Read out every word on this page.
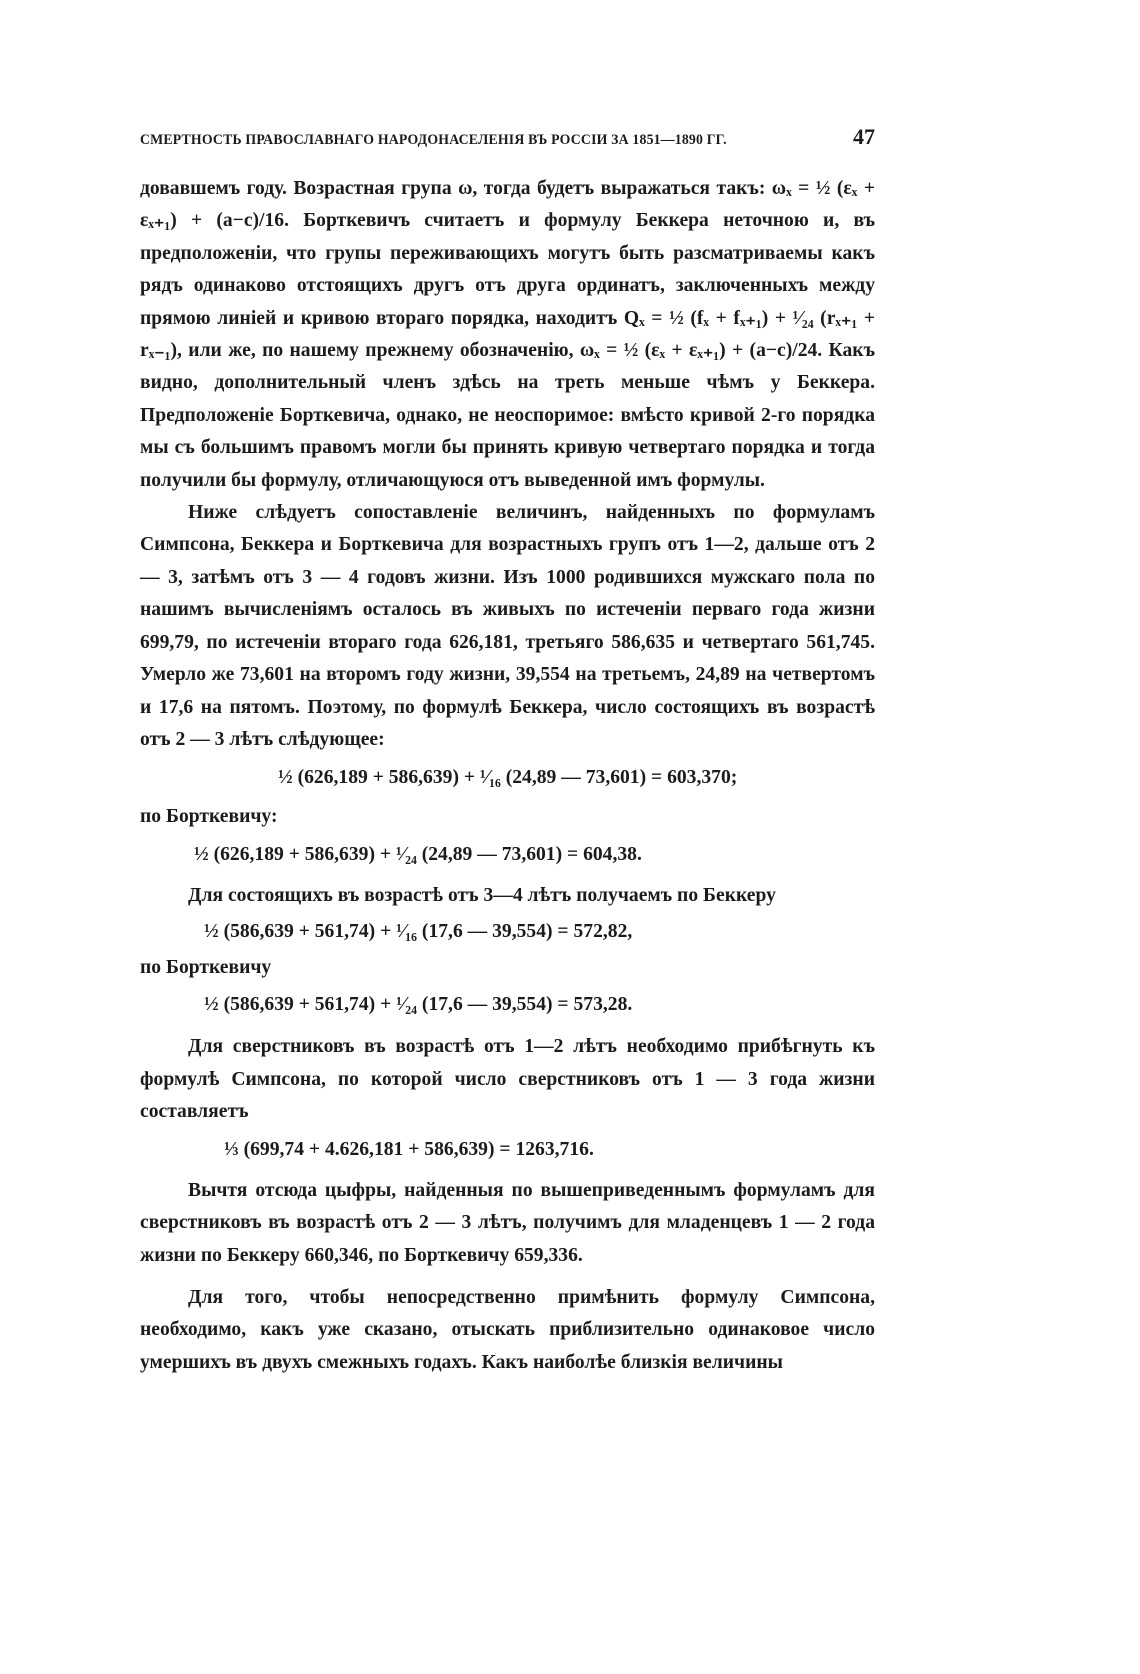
СМЕРТНОСТЬ ПРАВОСЛАВНАГО НАРОДОНАСЕЛЕНІЯ ВЪ РОССІИ ЗА 1851—1890 ГГ.	47

довавшемъ году. Возрастная група ω, тогда будетъ выражаться такъ: ωₓ = ½ (εₓ + εₓ₊₁) + (a−c)/16. Борткевичъ считаетъ и формулу Беккера неточною и, въ предположеніи, что групы переживающихъ могутъ быть разсматриваемы какъ рядъ одинаково отстоящихъ другъ отъ друга ординатъ, заключенныхъ между прямою линіей и кривою втораго порядка, находитъ Qₓ = ½ (fₓ + fₓ₊₁) + ¹⁄₂₄ (rₓ₊₁ + rₓ₋₁), или же, по нашему прежнему обозначенію, ωₓ = ½ (εₓ + εₓ₊₁) + (a−c)/24. Какъ видно, дополнительный членъ здѣсь на треть меньше чѣмъ у Беккера. Предположеніе Борткевича, однако, не неоспоримое: вмѣсто кривой 2-го порядка мы съ большимъ правомъ могли бы принять кривую четвертаго порядка и тогда получили бы формулу, отличающуюся отъ выведенной имъ формулы.

Ниже слѣдуетъ сопоставленіе величинъ, найденныхъ по формуламъ Симпсона, Беккера и Борткевича для возрастныхъ групъ отъ 1—2, дальше отъ 2 — 3, затѣмъ отъ 3 — 4 годовъ жизни. Изъ 1000 родившихся мужскаго пола по нашимъ вычисленіямъ осталось въ живыхъ по истеченіи перваго года жизни 699,79, по истеченіи втораго года 626,181, третьяго 586,635 и четвертаго 561,745. Умерло же 73,601 на второмъ году жизни, 39,554 на третьемъ, 24,89 на четвертомъ и 17,6 на пятомъ. Поэтому, по формулѣ Беккера, число состоящихъ въ возрастѣ отъ 2 — 3 лѣтъ слѣдующее:

½ (626,189 + 586,639) + ¹⁄₁₆ (24,89 — 73,601) = 603,370;

по Борткевичу:

½ (626,189 + 586,639) + ¹⁄₂₄ (24,89 — 73,601) = 604,38.

Для состоящихъ въ возрастѣ отъ 3—4 лѣтъ получаемъ по Беккеру

½ (586,639 + 561,74) + ¹⁄₁₆ (17,6 — 39,554) = 572,82,

по Борткевичу

½ (586,639 + 561,74) + ¹⁄₂₄ (17,6 — 39,554) = 573,28.

Для сверстниковъ въ возрастѣ отъ 1—2 лѣтъ необходимо прибѣгнуть къ формулѣ Симпсона, по которой число сверстниковъ отъ 1 — 3 года жизни составляетъ

⅓ (699,74 + 4.626,181 + 586,639) = 1263,716.

Вычтя отсюда цыфры, найденныя по вышеприведеннымъ формуламъ для сверстниковъ въ возрастѣ отъ 2 — 3 лѣтъ, получимъ для младенцевъ 1 — 2 года жизни по Беккеру 660,346, по Борткевичу 659,336.

Для того, чтобы непосредственно примѣнить формулу Симпсона, необходимо, какъ уже сказано, отыскать приблизительно одинаковое число умершихъ въ двухъ смежныхъ годахъ. Какъ наиболѣе близкія величины
